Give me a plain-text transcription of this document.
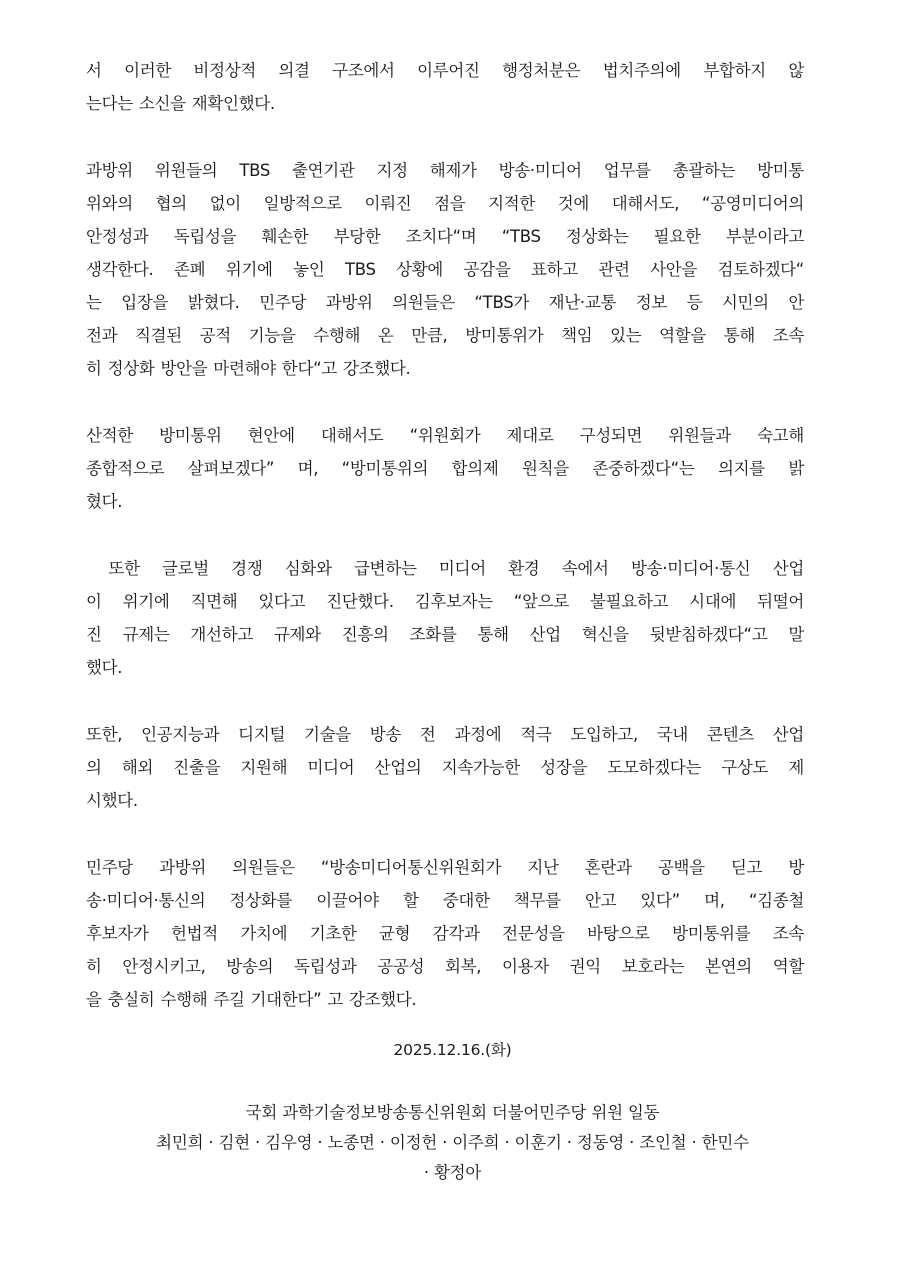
서 이러한 비정상적 의결 구조에서 이루어진 행정처분은 법치주의에 부합하지 않
는다는 소신을 재확인했다.

과방위 위원들의 TBS 출연기관 지정 해제가 방송·미디어 업무를 총괄하는 방미통
위와의 협의 없이 일방적으로 이뤄진 점을 지적한 것에 대해서도, “공영미디어의
안정성과 독립성을 훼손한 부당한 조치다“며 “TBS 정상화는 필요한 부분이라고
생각한다. 존폐 위기에 놓인 TBS 상황에 공감을 표하고 관련 사안을 검토하겠다“
는 입장을 밝혔다. 민주당 과방위 의원들은 “TBS가 재난·교통 정보 등 시민의 안
전과 직결된 공적 기능을 수행해 온 만큼, 방미통위가 책임 있는 역할을 통해 조속
히 정상화 방안을 마련해야 한다“고 강조했다.

산적한 방미통위 현안에 대해서도 “위원회가 제대로 구성되면 위원들과 숙고해
종합적으로 살펴보겠다” 며, “방미통위의 합의제 원칙을 존중하겠다“는 의지를 밝
혔다.

또한 글로벌 경쟁 심화와 급변하는 미디어 환경 속에서 방송·미디어·통신 산업
이 위기에 직면해 있다고 진단했다. 김후보자는 “앞으로 불필요하고 시대에 뒤떨어
진 규제는 개선하고 규제와 진흥의 조화를 통해 산업 혁신을 뒷받침하겠다“고 말
했다.

또한, 인공지능과 디지털 기술을 방송 전 과정에 적극 도입하고, 국내 콘텐츠 산업
의 해외 진출을 지원해 미디어 산업의 지속가능한 성장을 도모하겠다는 구상도 제
시했다.

민주당 과방위 의원들은 “방송미디어통신위원회가 지난 혼란과 공백을 딛고 방
송·미디어·통신의 정상화를 이끌어야 할 중대한 책무를 안고 있다” 며, “김종철
후보자가 헌법적 가치에 기초한 균형 감각과 전문성을 바탕으로 방미통위를 조속
히 안정시키고, 방송의 독립성과 공공성 회복, 이용자 권익 보호라는 본연의 역할
을 충실히 수행해 주길 기대한다” 고 강조했다.

2025.12.16.(화)
국회 과학기술정보방송통신위원회 더불어민주당 위원 일동
최민희 · 김현 · 김우영 · 노종면 · 이정헌 · 이주희 · 이훈기 · 정동영 · 조인철 · 한민수
· 황정아
